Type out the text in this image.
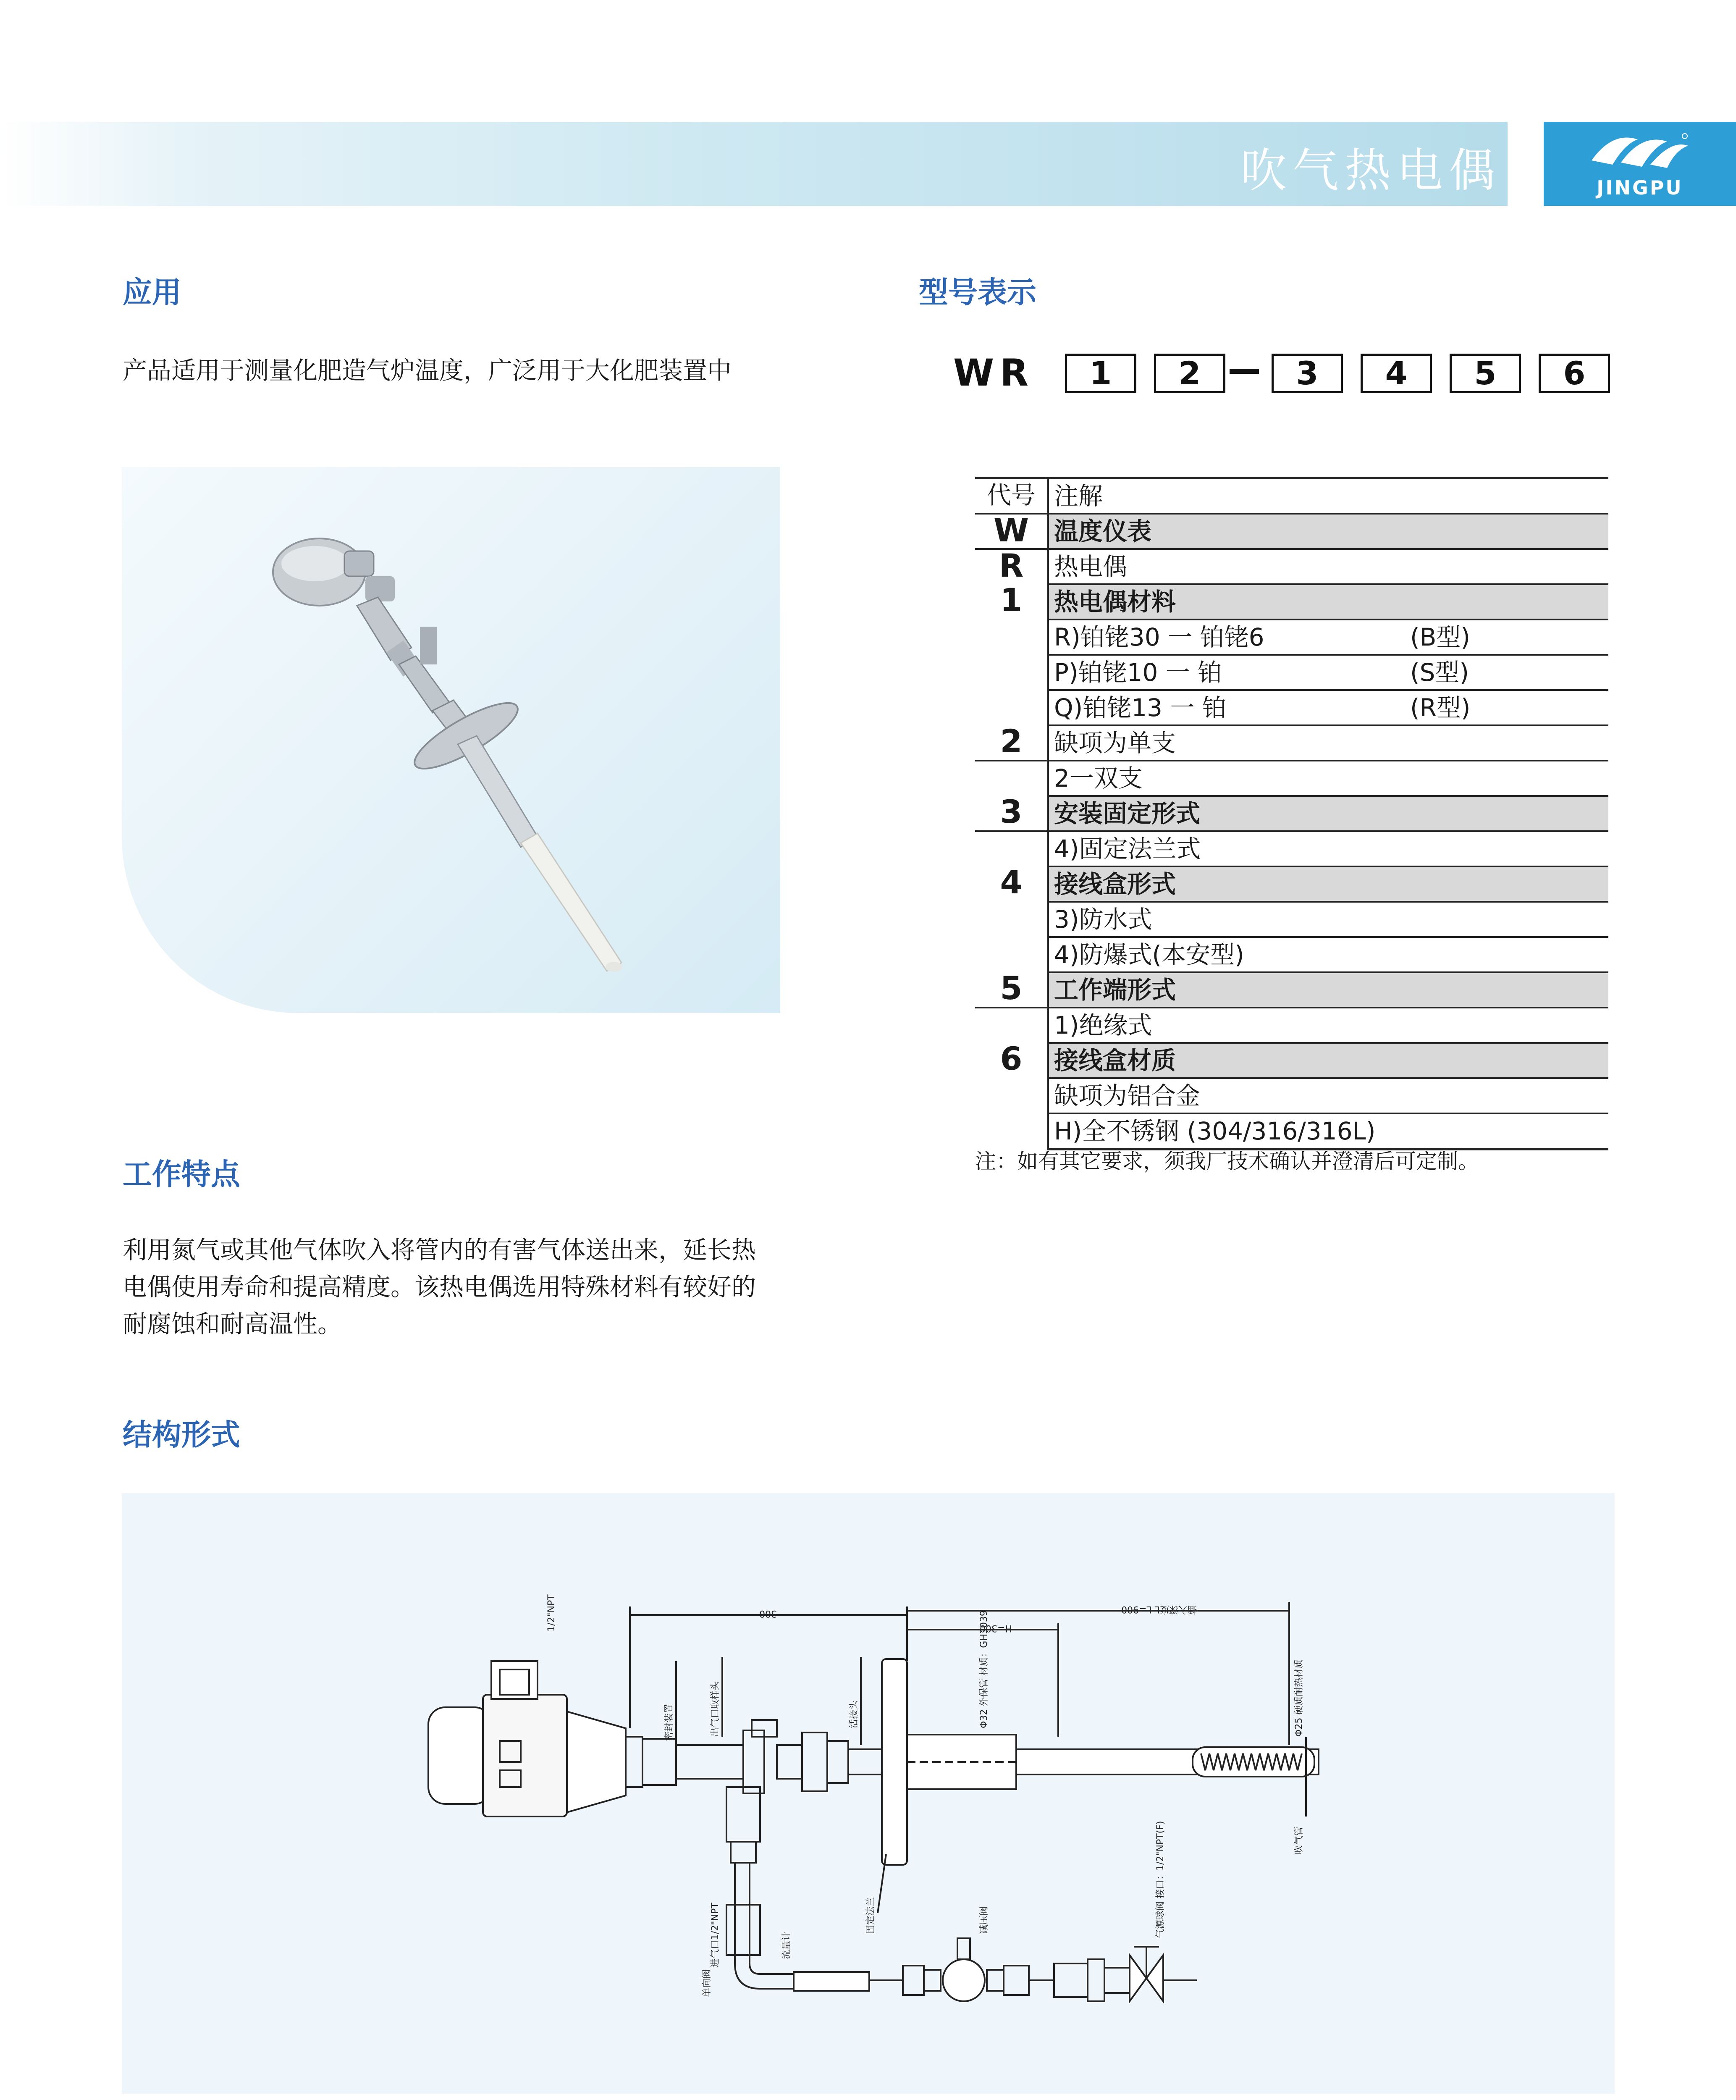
吹气热电偶	JINGPU
应用
产品适用于测量化肥造气炉温度，广泛用于大化肥装置中
工作特点
利用氮气或其他气体吹入将管内的有害气体送出来，延长热
电偶使用寿命和提高精度。该热电偶选用特殊材料有较好的
耐腐蚀和耐高温性。
结构形式
型号表示
WR	1	2	3	4	5	6
代号	注解
W	温度仪表
R	热电偶
1	热电偶材料
	R)铂铑30 一 铂铑6 (B型)

	P)铂铑10 一 铂 (S型)

	Q)铂铑13 一 铂 (R型)

2	缺项为单支
	2一双支
3	安装固定形式
	4)固定法兰式
4	接线盒形式
	3)防水式
	4)防爆式(本安型)
5	工作端形式
	1)绝缘式
6	接线盒材质
	缺项为铝合金
	H)全不锈钢 (304/316/316L)
注：如有其它要求，须我厂技术确认并澄清后可定制。
1/2"NPT	300
H=300
插入深度L L=900
密封装置	出气口取样头	活接头	Φ32 外保管 材质：GH3039	Φ25 硬质耐热材质
吹气管
进气口1/2"NPT	固定法兰
单向阀
流量计
减压阀	气源球阀 接口：1/2"NPT(F)
